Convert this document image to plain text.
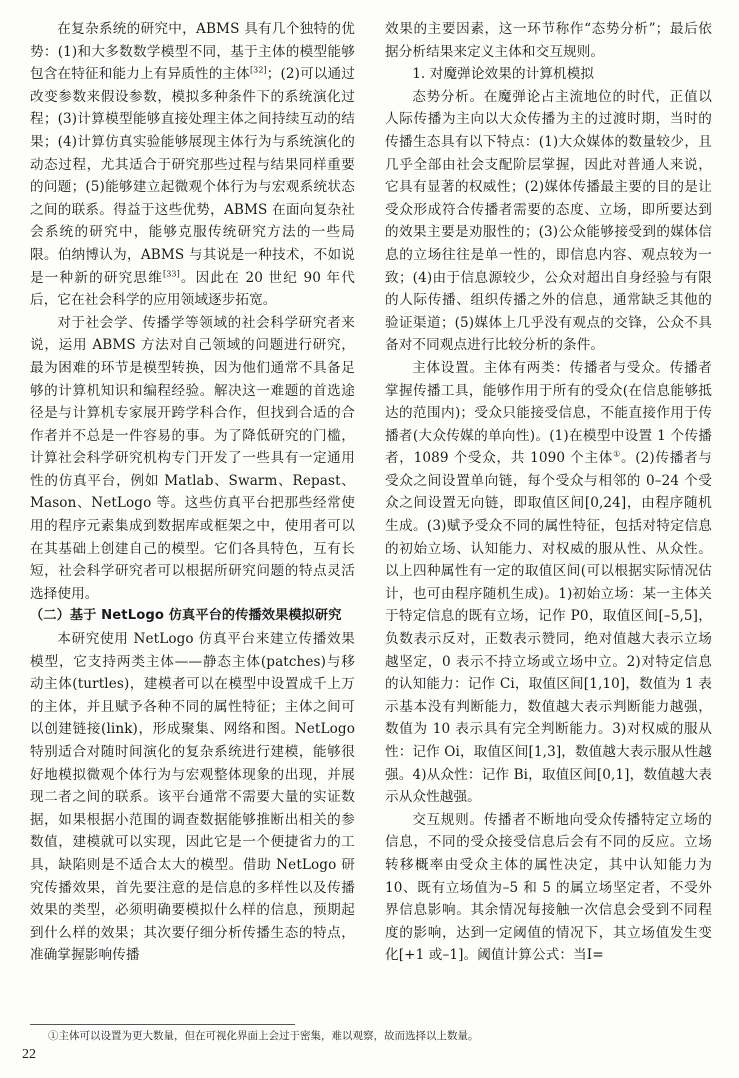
在复杂系统的研究中，ABMS 具有几个独特的优势：(1)和大多数数学模型不同，基于主体的模型能够包含在特征和能力上有异质性的主体[32]；(2)可以通过改变参数来假设参数，模拟多种条件下的系统演化过程；(3)计算模型能够直接处理主体之间持续互动的结果；(4)计算仿真实验能够展现主体行为与系统演化的动态过程，尤其适合于研究那些过程与结果同样重要的问题；(5)能够建立起微观个体行为与宏观系统状态之间的联系。得益于这些优势，ABMS 在面向复杂社会系统的研究中，能够克服传统研究方法的一些局限。伯纳博认为，ABMS 与其说是一种技术，不如说是一种新的研究思维[33]。因此在 20 世纪 90 年代后，它在社会科学的应用领域逐步拓宽。

对于社会学、传播学等领域的社会科学研究者来说，运用 ABMS 方法对自己领域的问题进行研究，最为困难的环节是模型转换，因为他们通常不具备足够的计算机知识和编程经验。解决这一难题的首选途径是与计算机专家展开跨学科合作，但找到合适的合作者并不总是一件容易的事。为了降低研究的门槛，计算社会科学研究机构专门开发了一些具有一定通用性的仿真平台，例如 Matlab、Swarm、Repast、Mason、NetLogo 等。这些仿真平台把那些经常使用的程序元素集成到数据库或框架之中，使用者可以在其基础上创建自己的模型。它们各具特色，互有长短，社会科学研究者可以根据所研究问题的特点灵活选择使用。

（二）基于 NetLogo 仿真平台的传播效果模拟研究

本研究使用 NetLogo 仿真平台来建立传播效果模型，它支持两类主体——静态主体(patches)与移动主体(turtles)，建模者可以在模型中设置成千上万的主体，并且赋予各种不同的属性特征；主体之间可以创建链接(link)，形成聚集、网络和图。NetLogo 特别适合对随时间演化的复杂系统进行建模，能够很好地模拟微观个体行为与宏观整体现象的出现，并展现二者之间的联系。该平台通常不需要大量的实证数据，如果根据小范围的调查数据能够推断出相关的参数值，建模就可以实现，因此它是一个便捷省力的工具，缺陷则是不适合太大的模型。借助 NetLogo 研究传播效果，首先要注意的是信息的多样性以及传播效果的类型，必须明确要模拟什么样的信息，预期起到什么样的效果；其次要仔细分析传播生态的特点，准确掌握影响传播

效果的主要因素，这一环节称作“态势分析”；最后依据分析结果来定义主体和交互规则。

1. 对魔弹论效果的计算机模拟

态势分析。在魔弹论占主流地位的时代，正值以人际传播为主向以大众传播为主的过渡时期，当时的传播生态具有以下特点：(1)大众媒体的数量较少，且几乎全部由社会支配阶层掌握，因此对普通人来说，它具有显著的权威性；(2)媒体传播最主要的目的是让受众形成符合传播者需要的态度、立场，即所要达到的效果主要是劝服性的；(3)公众能够接受到的媒体信息的立场往往是单一性的，即信息内容、观点较为一致；(4)由于信息源较少，公众对超出自身经验与有限的人际传播、组织传播之外的信息，通常缺乏其他的验证渠道；(5)媒体上几乎没有观点的交锋，公众不具备对不同观点进行比较分析的条件。

主体设置。主体有两类：传播者与受众。传播者掌握传播工具，能够作用于所有的受众(在信息能够抵达的范围内)；受众只能接受信息，不能直接作用于传播者(大众传媒的单向性)。(1)在模型中设置 1 个传播者，1089 个受众，共 1090 个主体①。(2)传播者与受众之间设置单向链，每个受众与相邻的 0–24 个受众之间设置无向链，即取值区间[0,24]，由程序随机生成。(3)赋予受众不同的属性特征，包括对特定信息的初始立场、认知能力、对权威的服从性、从众性。以上四种属性有一定的取值区间(可以根据实际情况估计，也可由程序随机生成)。1)初始立场：某一主体关于特定信息的既有立场，记作 P0，取值区间[–5,5]，负数表示反对，正数表示赞同，绝对值越大表示立场越坚定，0 表示不持立场或立场中立。2)对特定信息的认知能力：记作 Ci，取值区间[1,10]，数值为 1 表示基本没有判断能力，数值越大表示判断能力越强，数值为 10 表示具有完全判断能力。3)对权威的服从性：记作 Oi，取值区间[1,3]，数值越大表示服从性越强。4)从众性：记作 Bi，取值区间[0,1]，数值越大表示从众性越强。

交互规则。传播者不断地向受众传播特定立场的信息，不同的受众接受信息后会有不同的反应。立场转移概率由受众主体的属性决定，其中认知能力为 10、既有立场值为–5 和 5 的属立场坚定者，不受外界信息影响。其余情况每接触一次信息会受到不同程度的影响，达到一定阈值的情况下，其立场值发生变化[+1 或–1]。阈值计算公式：当I=

①主体可以设置为更大数量，但在可视化界面上会过于密集，难以观察，故而选择以上数量。
22
